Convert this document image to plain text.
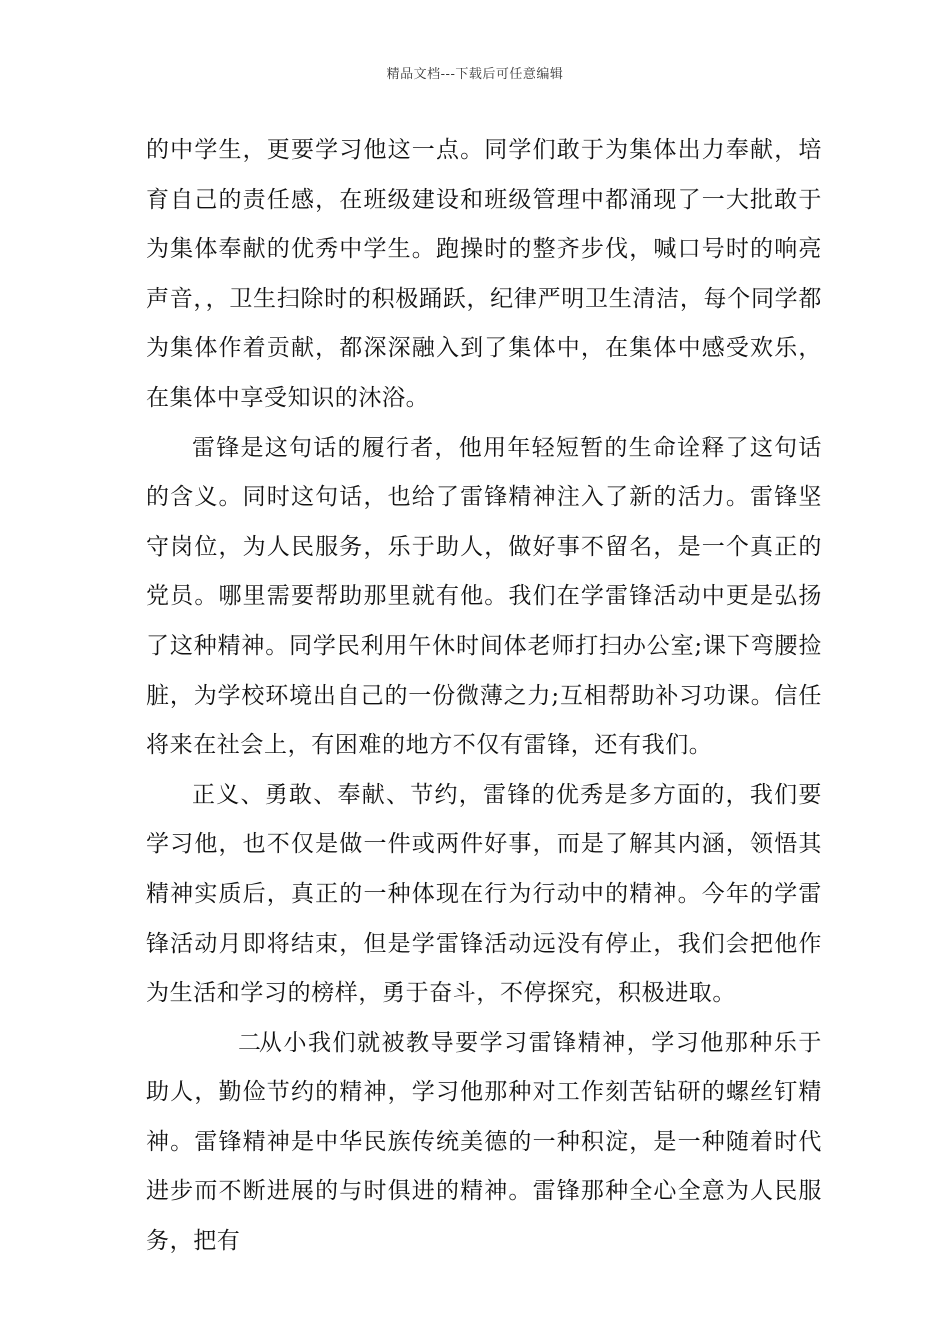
精品文档---下载后可任意编辑

的中学生，更要学习他这一点。同学们敢于为集体出力奉献，培育自己的责任感，在班级建设和班级管理中都涌现了一大批敢于为集体奉献的优秀中学生。跑操时的整齐步伐，喊口号时的响亮声音，，卫生扫除时的积极踊跃，纪律严明卫生清洁，每个同学都为集体作着贡献，都深深融入到了集体中，在集体中感受欢乐，在集体中享受知识的沐浴。

雷锋是这句话的履行者，他用年轻短暂的生命诠释了这句话的含义。同时这句话，也给了雷锋精神注入了新的活力。雷锋坚守岗位，为人民服务，乐于助人，做好事不留名，是一个真正的党员。哪里需要帮助那里就有他。我们在学雷锋活动中更是弘扬了这种精神。同学民利用午休时间体老师打扫办公室;课下弯腰捡脏，为学校环境出自己的一份微薄之力;互相帮助补习功课。信任将来在社会上，有困难的地方不仅有雷锋，还有我们。

正义、勇敢、奉献、节约，雷锋的优秀是多方面的，我们要学习他，也不仅是做一件或两件好事，而是了解其内涵，领悟其精神实质后，真正的一种体现在行为行动中的精神。今年的学雷锋活动月即将结束，但是学雷锋活动远没有停止，我们会把他作为生活和学习的榜样，勇于奋斗，不停探究，积极进取。

二从小我们就被教导要学习雷锋精神，学习他那种乐于助人，勤俭节约的精神，学习他那种对工作刻苦钻研的螺丝钉精神。雷锋精神是中华民族传统美德的一种积淀，是一种随着时代进步而不断进展的与时俱进的精神。雷锋那种全心全意为人民服务，把有
